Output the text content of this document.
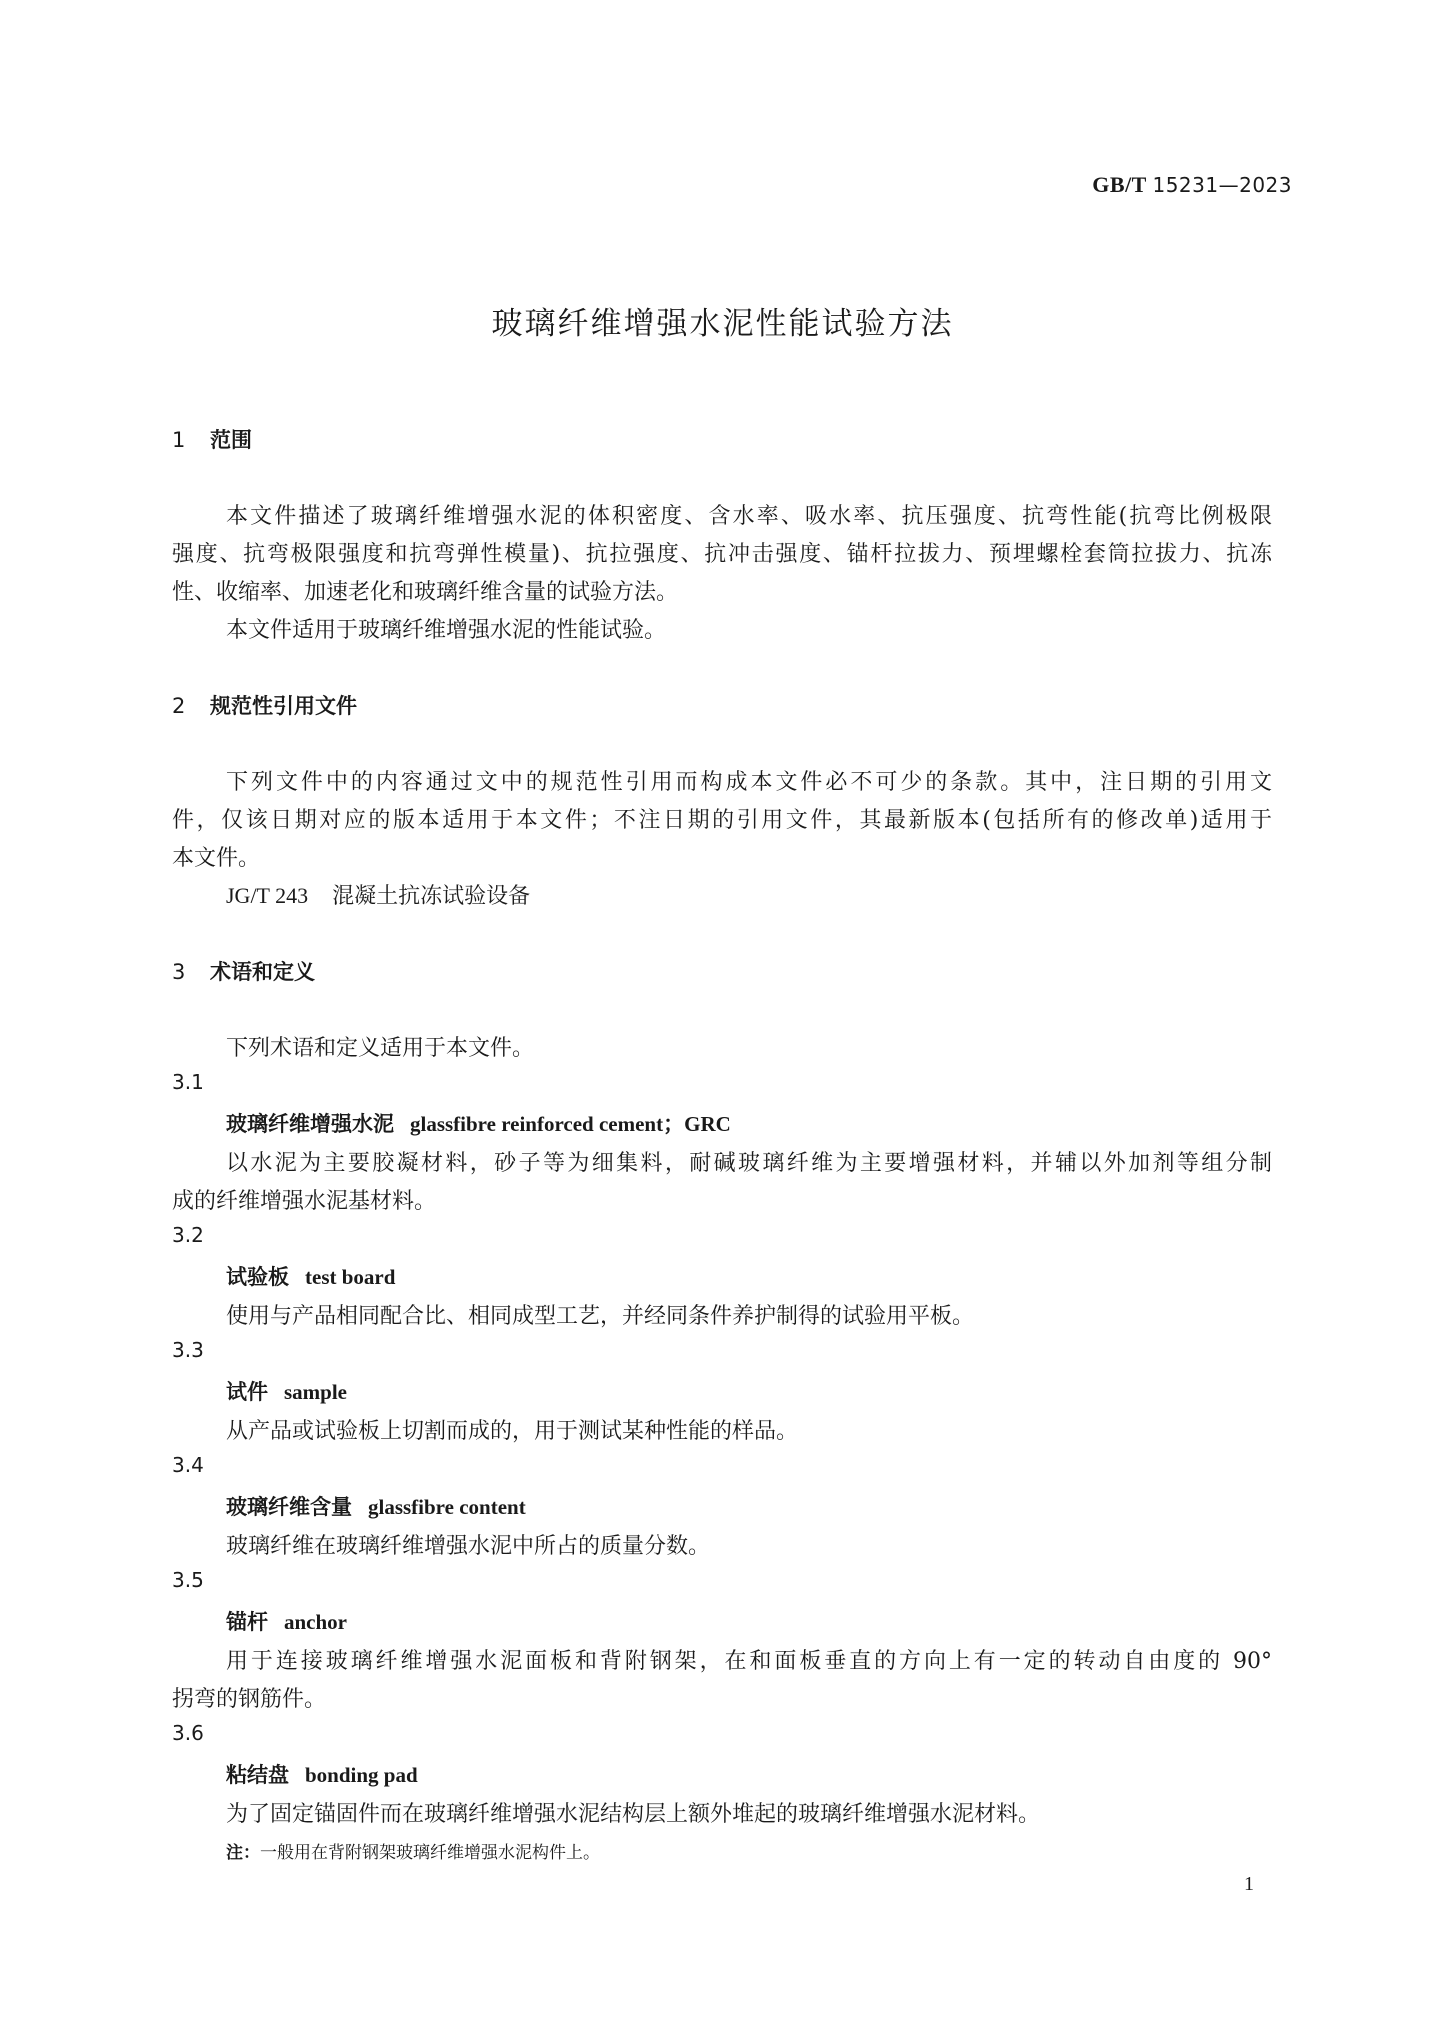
GB/T 15231—2023
玻璃纤维增强水泥性能试验方法
1 范围
本文件描述了玻璃纤维增强水泥的体积密度、含水率、吸水率、抗压强度、抗弯性能(抗弯比例极限
强度、抗弯极限强度和抗弯弹性模量)、抗拉强度、抗冲击强度、锚杆拉拔力、预埋螺栓套筒拉拔力、抗冻
性、收缩率、加速老化和玻璃纤维含量的试验方法。
本文件适用于玻璃纤维增强水泥的性能试验。
2 规范性引用文件
下列文件中的内容通过文中的规范性引用而构成本文件必不可少的条款。其中，注日期的引用文
件，仅该日期对应的版本适用于本文件；不注日期的引用文件，其最新版本(包括所有的修改单)适用于
本文件。
JG/T 243 混凝土抗冻试验设备
3 术语和定义
下列术语和定义适用于本文件。
3.1
玻璃纤维增强水泥 glassfibre reinforced cement；GRC
以水泥为主要胶凝材料，砂子等为细集料，耐碱玻璃纤维为主要增强材料，并辅以外加剂等组分制
成的纤维增强水泥基材料。
3.2
试验板 test board
使用与产品相同配合比、相同成型工艺，并经同条件养护制得的试验用平板。
3.3
试件 sample
从产品或试验板上切割而成的，用于测试某种性能的样品。
3.4
玻璃纤维含量 glassfibre content
玻璃纤维在玻璃纤维增强水泥中所占的质量分数。
3.5
锚杆 anchor
用于连接玻璃纤维增强水泥面板和背附钢架，在和面板垂直的方向上有一定的转动自由度的 90°
拐弯的钢筋件。
3.6
粘结盘 bonding pad
为了固定锚固件而在玻璃纤维增强水泥结构层上额外堆起的玻璃纤维增强水泥材料。
注：一般用在背附钢架玻璃纤维增强水泥构件上。
1
